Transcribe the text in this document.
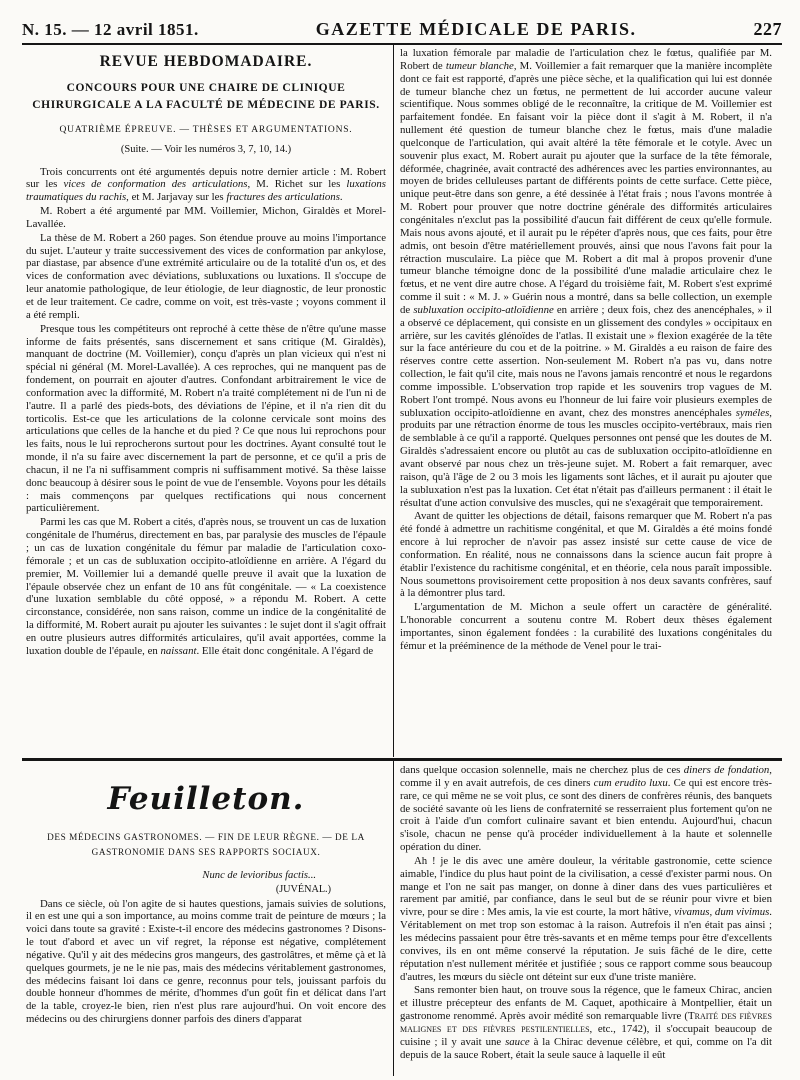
N. 15. — 12 avril 1851.	GAZETTE MÉDICALE DE PARIS.	227
REVUE HEBDOMADAIRE.
CONCOURS POUR UNE CHAIRE DE CLINIQUE CHIRURGICALE A LA FACULTÉ DE MÉDECINE DE PARIS.
QUATRIÈME ÉPREUVE. — THÈSES ET ARGUMENTATIONS.
(Suite. — Voir les numéros 3, 7, 10, 14.)

Trois concurrents ont été argumentés depuis notre dernier article : M. Robert sur les vices de conformation des articulations, M. Richet sur les luxations traumatiques du rachis, et M. Jarjavay sur les fractures des articulations.

M. Robert a été argumenté par MM. Voillemier, Michon, Giraldès et Morel-Lavallée.

La thèse de M. Robert a 260 pages. Son étendue prouve au moins l'importance du sujet. L'auteur y traite successivement des vices de conformation par ankylose, par diastase, par absence d'une extrémité articulaire ou de la totalité d'un os, et des vices de conformation avec déviations, subluxations ou luxations. Il s'occupe de leur anatomie pathologique, de leur étiologie, de leur diagnostic, de leur pronostic et de leur traitement. Ce cadre, comme on voit, est très-vaste ; voyons comment il a été rempli.

Presque tous les compétiteurs ont reproché à cette thèse de n'être qu'une masse informe de faits présentés, sans discernement et sans critique (M. Giraldès), manquant de doctrine (M. Voillemier), conçu d'après un plan vicieux qui n'est ni spécial ni général (M. Morel-Lavallée). A ces reproches, qui ne manquent pas de fondement, on pourrait en ajouter d'autres. Confondant arbitrairement le vice de conformation avec la difformité, M. Robert n'a traité complétement ni de l'un ni de l'autre. Il a parlé des pieds-bots, des déviations de l'épine, et il n'a rien dit du torticolis. Est-ce que les articulations de la colonne cervicale sont moins des articulations que celles de la hanche et du pied ? Ce que nous lui reprochons pour les faits, nous le lui reprocherons surtout pour les doctrines. Ayant consulté tout le monde, il n'a su faire avec discernement la part de personne, et ce qu'il a pris de chacun, il ne l'a ni suffisamment compris ni suffisamment motivé. Sa thèse laisse donc beaucoup à désirer sous le point de vue de l'ensemble. Voyons pour les détails : mais commençons par quelques rectifications qui nous concernent particulièrement.

Parmi les cas que M. Robert a cités, d'après nous, se trouvent un cas de luxation congénitale de l'humérus, directement en bas, par paralysie des muscles de l'épaule ; un cas de luxation congénitale du fémur par maladie de l'articulation coxo-fémorale ; et un cas de subluxation occipito-atloïdienne en arrière. A l'égard du premier, M. Voillemier lui a demandé quelle preuve il avait que la luxation de l'épaule observée chez un enfant de 10 ans fût congénitale. — « La coexistence d'une luxation semblable du côté opposé, » a répondu M. Robert. A cette circonstance, considérée, non sans raison, comme un indice de la congénitalité de la difformité, M. Robert aurait pu ajouter les suivantes : le sujet dont il s'agit offrait en outre plusieurs autres difformités articulaires, qu'il avait apportées, comme la luxation double de l'épaule, en naissant. Elle était donc congénitale. A l'égard de

la luxation fémorale par maladie de l'articulation chez le fœtus, qualifiée par M. Robert de tumeur blanche, M. Voillemier a fait remarquer que la manière incomplète dont ce fait est rapporté, d'après une pièce sèche, et la qualification qui lui est donnée de tumeur blanche chez un fœtus, ne permettent de lui accorder aucune valeur scientifique. Nous sommes obligé de le reconnaître, la critique de M. Voillemier est parfaitement fondée. En faisant voir la pièce dont il s'agit à M. Robert, il n'a nullement été question de tumeur blanche chez le fœtus, mais d'une maladie quelconque de l'articulation, qui avait altéré la tête fémorale et le cotyle. Avec un souvenir plus exact, M. Robert aurait pu ajouter que la surface de la tête fémorale, déformée, chagrinée, avait contracté des adhérences avec les parties environnantes, au moyen de brides celluleuses partant de différents points de cette surface. Cette pièce, unique peut-être dans son genre, a été dessinée à l'état frais ; nous l'avons montrée à M. Robert pour prouver que notre doctrine générale des difformités articulaires congénitales n'exclut pas la possibilité d'aucun fait différent de ceux qu'elle formule. Mais nous avons ajouté, et il aurait pu le répéter d'après nous, que ces faits, pour être admis, ont besoin d'être matériellement prouvés, ainsi que nous l'avons fait pour la rétraction musculaire. La pièce que M. Robert a dit mal à propos provenir d'une tumeur blanche témoigne donc de la possibilité d'une maladie articulaire chez le fœtus, et ne vent dire autre chose. A l'égard du troisième fait, M. Robert s'est exprimé comme il suit : « M. J. » Guérin nous a montré, dans sa belle collection, un exemple de subluxation occipito-atloïdienne en arrière ; deux fois, chez des anencéphales, » il a observé ce déplacement, qui consiste en un glissement des condyles » occipitaux en arrière, sur les cavités glénoïdes de l'atlas. Il existait une » flexion exagérée de la tête sur la face antérieure du cou et de la poitrine. » M. Giraldès a eu raison de faire des réserves contre cette assertion. Non-seulement M. Robert n'a pas vu, dans notre collection, le fait qu'il cite, mais nous ne l'avons jamais rencontré et nous le regardons comme impossible. L'observation trop rapide et les souvenirs trop vagues de M. Robert l'ont trompé. Nous avons eu l'honneur de lui faire voir plusieurs exemples de subluxation occipito-atloïdienne en avant, chez des monstres anencéphales syméles, produits par une rétraction énorme de tous les muscles occipito-vertébraux, mais rien de semblable à ce qu'il a rapporté. Quelques personnes ont pensé que les doutes de M. Giraldès s'adressaient encore ou plutôt au cas de subluxation occipito-atloïdienne en avant observé par nous chez un très-jeune sujet. M. Robert a fait remarquer, avec raison, qu'à l'âge de 2 ou 3 mois les ligaments sont lâches, et il aurait pu ajouter que la subluxation n'est pas la luxation. Cet état n'était pas d'ailleurs permanent : il était le résultat d'une action convulsive des muscles, qui ne s'exagérait que temporairement.

Avant de quitter les objections de détail, faisons remarquer que M. Robert n'a pas été fondé à admettre un rachitisme congénital, et que M. Giraldès a été moins fondé encore à lui reprocher de n'avoir pas assez insisté sur cette cause de vice de conformation. En réalité, nous ne connaissons dans la science aucun fait propre à établir l'existence du rachitisme congénital, et en théorie, cela nous paraît impossible. Nous soumettons provisoirement cette proposition à nos deux savants confrères, sauf à la démontrer plus tard.

L'argumentation de M. Michon a seule offert un caractère de généralité. L'honorable concurrent a soutenu contre M. Robert deux thèses également importantes, sinon également fondées : la curabilité des luxations congénitales du fémur et la prééminence de la méthode de Venel pour le trai-

Feuilleton.
DES MÉDECINS GASTRONOMES. — FIN DE LEUR RÈGNE. — DE LA GASTRONOMIE DANS SES RAPPORTS SOCIAUX.

Nunc de levioribus factis...

(JUVÉNAL.)

Dans ce siècle, où l'on agite de si hautes questions, jamais suivies de solutions, il en est une qui a son importance, au moins comme trait de peinture de mœurs ; la voici dans toute sa gravité : Existe-t-il encore des médecins gastronomes ? Disons-le tout d'abord et avec un vif regret, la réponse est négative, complétement négative. Qu'il y ait des médecins gros mangeurs, des gastrolâtres, et même çà et là quelques gourmets, je ne le nie pas, mais des médecins véritablement gastronomes, des médecins faisant loi dans ce genre, reconnus pour tels, jouissant parfois du double honneur d'hommes de mérite, d'hommes d'un goût fin et délicat dans l'art de la table, croyez-le bien, rien n'est plus rare aujourd'hui. On voit encore des médecins ou des chirurgiens donner parfois des diners d'apparat

dans quelque occasion solennelle, mais ne cherchez plus de ces diners de fondation, comme il y en avait autrefois, de ces diners cum erudito luxu. Ce qui est encore très-rare, ce qui même ne se voit plus, ce sont des diners de confrères réunis, des banquets de société savante où les liens de confraternité se resserraient plus fortement qu'on ne croit à l'aide d'un comfort culinaire savant et bien entendu. Aujourd'hui, chacun s'isole, chacun ne pense qu'à procéder individuellement à la haute et solennelle opération du diner.

Ah ! je le dis avec une amère douleur, la véritable gastronomie, cette science aimable, l'indice du plus haut point de la civilisation, a cessé d'exister parmi nous. On mange et l'on ne sait pas manger, on donne à diner dans des vues particulières et rarement par amitié, par confiance, dans le seul but de se réunir pour vivre et bien vivre, pour se dire : Mes amis, la vie est courte, la mort hâtive, vivamus, dum vivimus. Véritablement on met trop son estomac à la raison. Autrefois il n'en était pas ainsi ; les médecins passaient pour être très-savants et en même temps pour être d'excellents convives, ils en ont même conservé la réputation. Je suis fâché de le dire, cette réputation n'est nullement méritée et justifiée ; sous ce rapport comme sous beaucoup d'autres, les mœurs du siècle ont déteint sur eux d'une triste manière.

Sans remonter bien haut, on trouve sous la régence, que le fameux Chirac, ancien et illustre précepteur des enfants de M. Caquet, apothicaire à Montpellier, était un gastronome renommé. Après avoir médité son remarquable livre (Traité des fièvres malignes et des fièvres pestilentielles, etc., 1742), il s'occupait beaucoup de cuisine ; il y avait une sauce à la Chirac devenue célèbre, et qui, comme on l'a dit depuis de la sauce Robert, était la seule sauce à laquelle il eût
